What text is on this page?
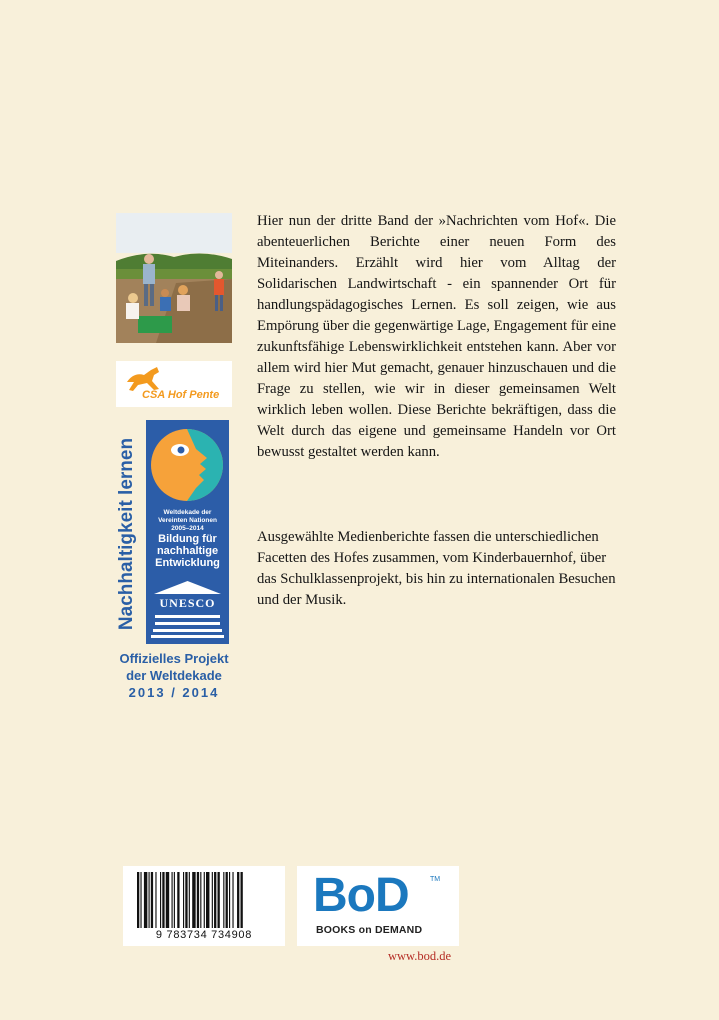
CSA Hof Pente
Nachhaltigkeit lernen	Weltdekade der
Vereinten Nationen
2005–2014
Bildung für
nachhaltige
Entwicklung
UNESCO
Offizielles Projekt
der Weltdekade
2013 / 2014

Hier nun der dritte Band der »Nachrichten vom Hof«. Die abenteuerlichen Berichte einer neuen Form des Miteinanders. Erzählt wird hier vom Alltag der Solidarischen Landwirtschaft - ein spannender Ort für handlungspädagogisches Lernen. Es soll zeigen, wie aus Empörung über die gegenwärtige Lage, Engagement für eine zukunftsfähige Lebenswirklichkeit entstehen kann. Aber vor allem wird hier Mut gemacht, genauer hinzuschauen und die Frage zu stellen, wie wir in dieser gemeinsamen Welt wirklich leben wollen. Diese Berichte bekräftigen, dass die Welt durch das eigene und gemeinsame Handeln vor Ort bewusst gestaltet werden kann.

Ausgewählte Medienberichte fassen die unterschiedlichen Facetten des Hofes zusammen, vom Kinderbauernhof, über das Schulklassenprojekt, bis hin zu internationalen Besuchen und der Musik.

9 783734 734908
BoD	TM
BOOKS on DEMAND
www.bod.de
